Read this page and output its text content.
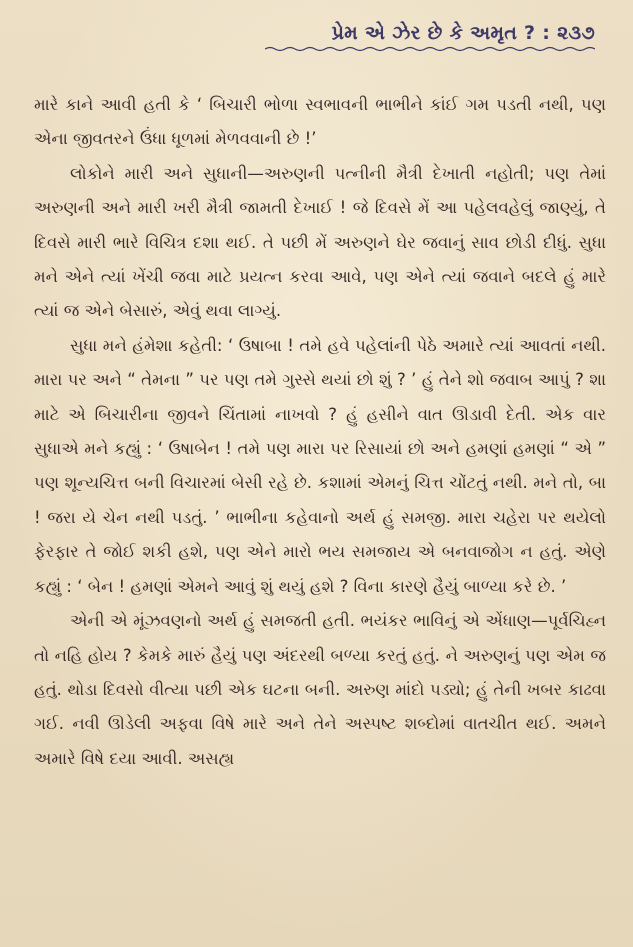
પ્રેમ એ ઝેર છે કે અમૃત ? : ૨૩૭

મારે કાને આવી હતી કે ‘ બિચારી ભોળા સ્વભાવની ભાભીને કાંઈ ગમ પડતી નથી, પણ એના જીવતરને ઉંધા ધૂળમાં મેળવવાની છે !’

લોકોને મારી અને સુધાની—અરુણની પત્નીની મૈત્રી દેખાતી નહોતી; પણ તેમાં અરુણની અને મારી ખરી મૈત્રી જામતી દેખાઈ ! જે દિવસે મેં આ પહેલવહેલું જાણ્યું, તે દિવસે મારી ભારે વિચિત્ર દશા થઈ. તે પછી મેં અરુણને ઘેર જવાનું સાવ છોડી દીધું. સુધા મને એને ત્યાં ખેંચી જવા માટે પ્રયત્ન કરવા આવે, પણ એને ત્યાં જવાને બદલે હું મારે ત્યાં જ એને બેસારું, એવું થવા લાગ્યું.

સુધા મને હંમેશા કહેતી: ‘ ઉષાબા ! તમે હવે પહેલાંની પેઠે અમારે ત્યાં આવતાં નથી. મારા પર અને “ તેમના ” પર પણ તમે ગુસ્સે થયાં છો શું ? ’ હું તેને શો જવાબ આપું ? શા માટે એ બિચારીના જીવને ચિંતામાં નાખવો ? હું હસીને વાત ઊડાવી દેતી. એક વાર સુધાએ મને કહ્યું : ‘ ઉષાબેન ! તમે પણ મારા પર રિસાયાં છો અને હમણાં હમણાં “ એ ” પણ શૂન્યચિત્ત બની વિચારમાં બેસી રહે છે. કશામાં એમનું ચિત્ત ચોંટતું નથી. મને તો, બા ! જરા યે ચેન નથી પડતું. ’ ભાભીના કહેવાનો અર્થ હું સમજી. મારા ચહેરા પર થયેલો ફેરફાર તે જોઈ શકી હશે, પણ એને મારો ભય સમજાય એ બનવાજોગ ન હતું. એણે કહ્યું : ‘ બેન ! હમણાં એમને આવું શું થયું હશે ? વિના કારણે હૈયું બાળ્યા કરે છે. ’

એની એ મૂંઝવણનો અર્થ હું સમજતી હતી. ભયંકર ભાવિનું એ એંધાણ—પૂર્વચિહ્ન તો નહિ હોય ? કેમકે મારું હૈયું પણ અંદરથી બળ્યા કરતું હતું. ને અરુણનું પણ એમ જ હતું. થોડા દિવસો વીત્યા પછી એક ઘટના બની. અરુણ માંદો પડ્યો; હું તેની ખબર કાઢવા ગઈ. નવી ઊડેલી અફવા વિષે મારે અને તેને અસ્પષ્ટ શબ્દોમાં વાતચીત થઈ. અમને અમારે વિષે દયા આવી. અસહ્ય
